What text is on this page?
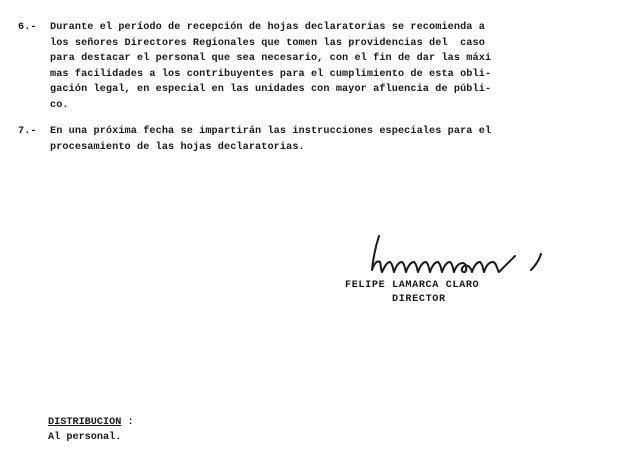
6.- Durante el período de recepción de hojas declaratorias se recomienda a
los señores Directores Regionales que tomen las providencias del  caso
para destacar el personal que sea necesario, con el fin de dar las máxi
mas facilidades a los contribuyentes para el cumplimiento de esta obli-
gación legal, en especial en las unidades con mayor afluencia de públi-
co.
7.- En una próxima fecha se impartirán las instrucciones especiales para el
procesamiento de las hojas declaratorias.
FELIPE LAMARCA CLARO
DIRECTOR
DISTRIBUCION :
Al personal.
